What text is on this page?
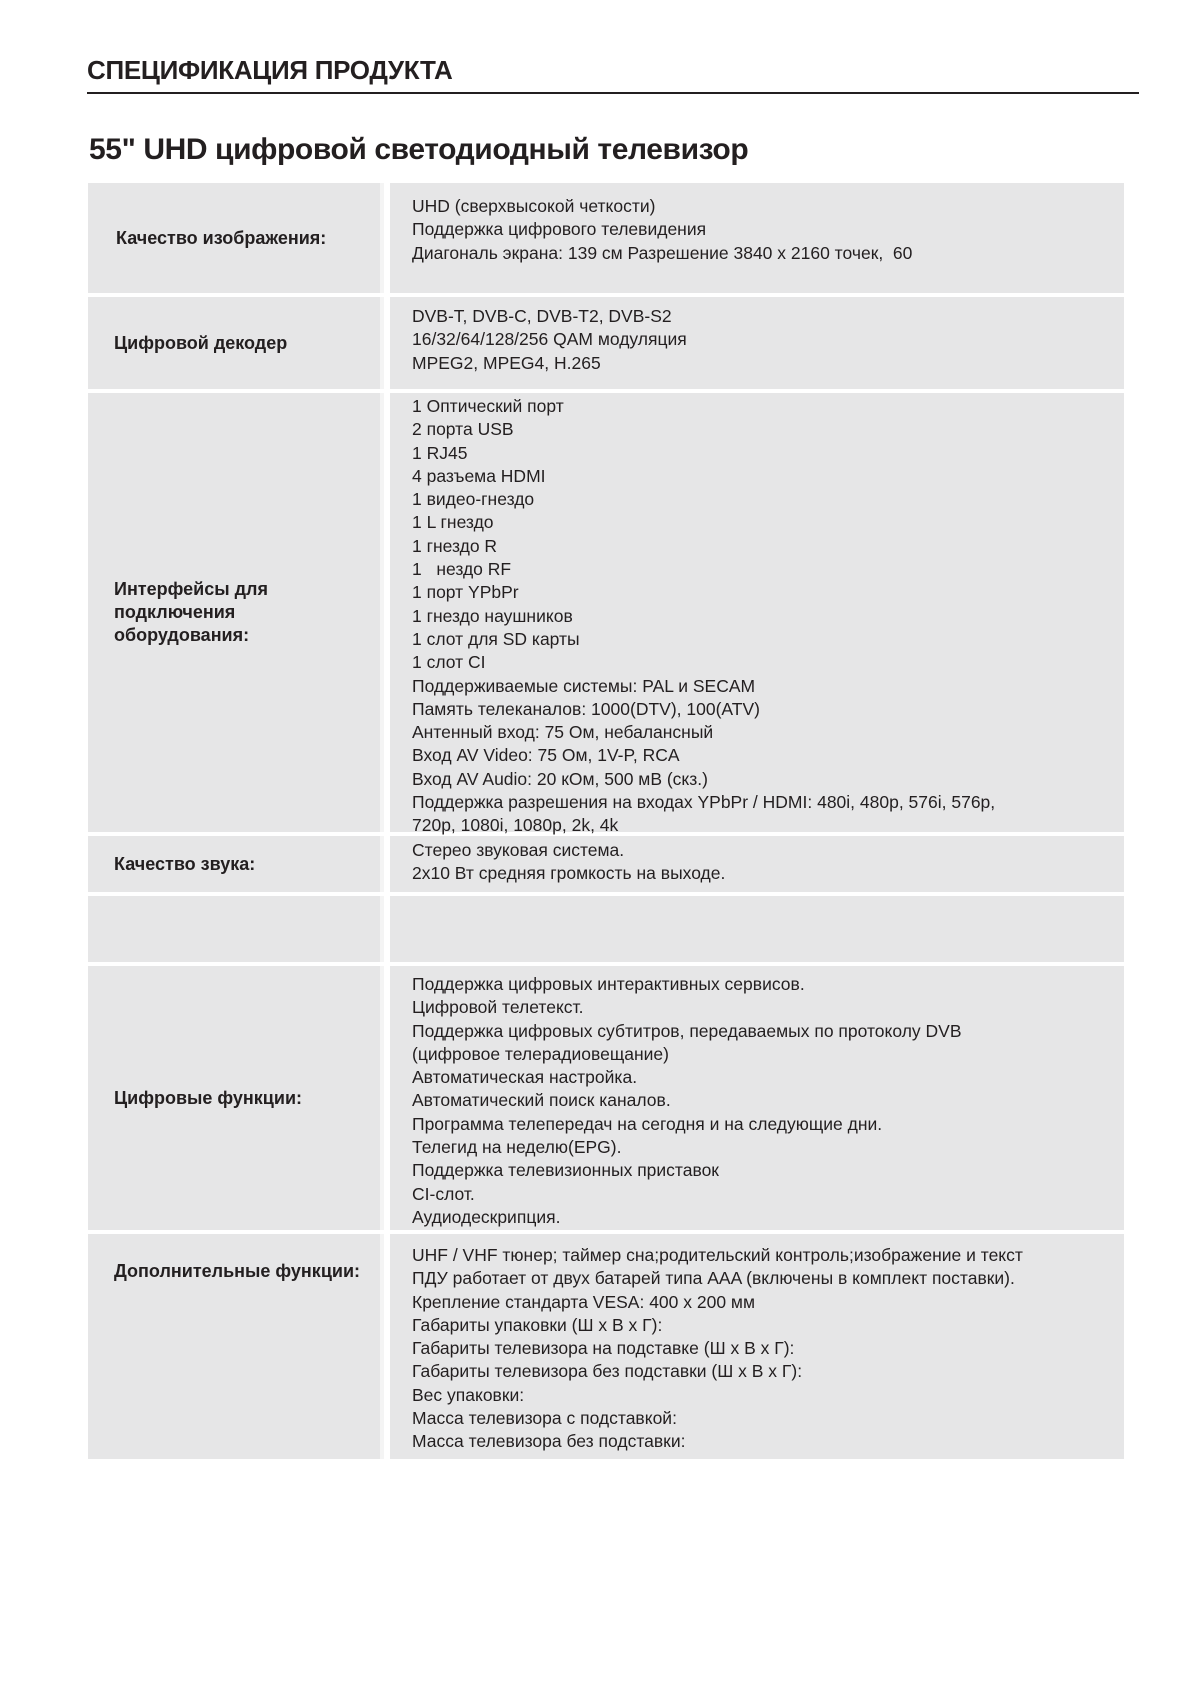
СПЕЦИФИКАЦИЯ ПРОДУКТА
55" UHD цифровой светодиодный телевизор
Качество изображения:
UHD (сверхвысокой четкости)
Поддержка цифрового телевидения
Диагональ экрана: 139 см Разрешение 3840 x 2160 точек,  60
Цифровой декодер
DVB-T, DVB-C, DVB-T2, DVB-S2
16/32/64/128/256 QAM модуляция
MPEG2, MPEG4, H.265
Интерфейсы для подключения оборудования:
1 Оптический порт
2 порта USB
1 RJ45
4 разъема HDMI
1 видео-гнездо
1 L гнездо
1 гнездо R
1   нездо RF
1 порт YPbPr
1 гнездо наушников
1 слот для SD карты
1 слот CI
Поддерживаемые системы: PAL и SECAM
Память телеканалов: 1000(DTV), 100(ATV)
Антенный вход: 75 Ом, небалансный
Вход AV Video: 75 Ом, 1V-P, RCA
Вход AV Audio: 20 кОм, 500 мВ (скз.)
Поддержка разрешения на входах YPbPr / HDMI: 480i, 480p, 576i, 576p,
720p, 1080i, 1080p, 2k, 4k
Качество звука:
Стерео звуковая система.
2x10 Вт средняя громкость на выходе.
Цифровые функции:
Поддержка цифровых интерактивных сервисов.
Цифровой телетекст.
Поддержка цифровых субтитров, передаваемых по протоколу DVB
(цифровое телерадиовещание)
Автоматическая настройка.
Автоматический поиск каналов.
Программа телепередач на сегодня и на следующие дни.
Телегид на неделю(EPG).
Поддержка телевизионных приставок
CI-слот.
Аудиодескрипция.
Дополнительные функции:
UHF / VHF тюнер; таймер сна;родительский контроль;изображение и текст
ПДУ работает от двух батарей типа AAA (включены в комплект поставки).
Крепление стандарта VESA: 400 x 200 мм
Габариты упаковки (Ш x В x Г):
Габариты телевизора на подставке (Ш x В x Г):
Габариты телевизора без подставки (Ш x В x Г):
Вес упаковки:
Масса телевизора с подставкой:
Масса телевизора без подставки:
